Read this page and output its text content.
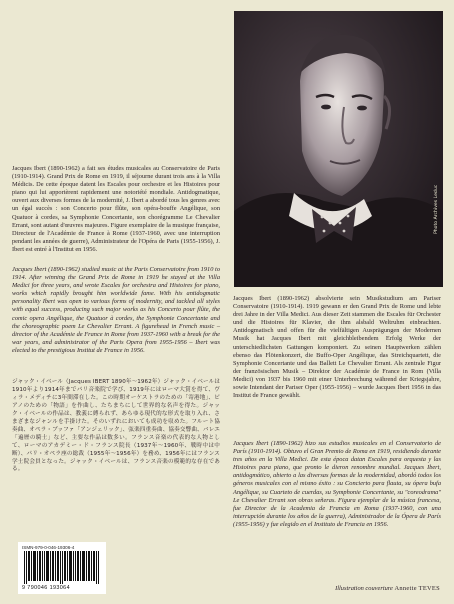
Jacques Ibert (1890-1962) a fait ses études musicales au Conservatoire de Paris (1910-1914). Grand Prix de Rome en 1919, il séjourne durant trois ans à la Villa Médicis. De cette époque datent les Escales pour orchestre et les Histoires pour piano qui lui apportèrent rapidement une notoriété mondiale. Antidogmatique, ouvert aux diverses formes de la modernité, J. Ibert a abordé tous les genres avec un égal succès : son Concerto pour flûte, son opéra-bouffe Angélique, son Quatuor à cordes, sa Symphonie Concertante, son chorégramme Le Chevalier Errant, sont autant d'œuvres majeures. Figure exemplaire de la musique française, Directeur de l'Académie de France à Rome (1937-1960, avec une interruption pendant les années de guerre), Administrateur de l'Opéra de Paris (1955-1956), J. Ibert est entré à l'Institut en 1956.

Jacques Ibert (1890-1962) studied music at the Paris Conservatoire from 1910 to 1914. After winning the Grand Prix de Rome in 1919 he stayed at the Villa Medici for three years, and wrote Escales for orchestra and Histoires for piano, works which rapidly brought him worldwide fame. With his antidogmatic personality Ibert was open to various forms of modernity, and tackled all styles with equal success, producing such major works as his Concerto pour flûte, the comic opera Angélique, the Quatuor à cordes, the Symphonie Concertante and the choreographic poem Le Chevalier Errant. A figurehead in French music – director of the Académie de France in Rome from 1937-1960 with a break for the war years, and administrator of the Paris Opera from 1955-1956 – Ibert was elected to the prestigious Institut de France in 1956.

ジャック・イベール（Jacques IBERT 1890年～1962年）ジャック・イベールは1910年より1914年までパリ音楽院で学び、1919年にはローマ大賞を得て、ヴィラ・メディチに3年間滞在した。この時期オーケストラのための「寄港地」、ピアノのための「物語」を作曲し、たちまちにして世界的な名声を得た。ジャック・イベールの作品は、教義に縛られず、あらゆる現代的な形式を取り入れ、さまざまなジャンルを手掛けた。そのいずれにおいても成功を収めた。フルート協奏曲、オペラ・ブッファ「アンジェリック」、弦楽四重奏曲、協奏交響曲、バレエ「遍歴の騎士」など、主要な作品は数多い。フランス音楽の代表的な人物として、ローマのアカデミー・ド・フランス院長（1937年～1960年、戦時中は中断）、パリ・オペラ座の総裁（1955年～1956年）を務め、1956年にはフランス学士院会員となった。ジャック・イベールは、フランス音楽の模範的な存在である。

Photo Archives Leduc

Jacques Ibert (1890-1962) absolvierte sein Musikstudium am Pariser Conservatoire (1910-1914). 1919 gewann er den Grand Prix de Rome und lebte drei Jahre in der Villa Medici. Aus dieser Zeit stammen die Escales für Orchester und die Histoires für Klavier, die ihm alsbald Weltruhm einbrachten. Antidogmatisch und offen für die vielfältigen Ausprägungen der Modernen Musik hat Jacques Ibert mit gleichbleibendem Erfolg Werke der unterschiedlichsten Gattungen komponiert. Zu seinen Hauptwerken zählen ebenso das Flötenkonzert, die Buffo-Oper Angélique, das Streichquartett, die Symphonie Concertante und das Ballett Le Chevalier Errant. Als zentrale Figur der französischen Musik – Direktor der Académie de France in Rom (Villa Medici) von 1937 bis 1960 mit einer Unterbrechung während der Kriegsjahre, sowie Intendant der Pariser Oper (1955-1956) – wurde Jacques Ibert 1956 in das Institut de France gewählt.

Jacques Ibert (1890-1962) hizo sus estudios musicales en el Conservatorio de París (1910-1914). Obtuvo el Gran Premio de Roma en 1919, residiendo durante tres años en la Villa Medici. De esta época datan Escales para orquesta y las Histoires para piano, que pronto le dieron renombre mundial. Jacques Ibert, antidogmático, abierto a las diversas formas de la modernidad, abordó todos los géneros musicales con el mismo éxito : su Concierto para flauta, su ópera bufa Angélique, su Cuarteto de cuerdas, su Symphonie Concertante, su "coreodrama" Le Chevalier Errant son obras señeras. Figura ejemplar de la música francesa, fue Director de la Academia de Francia en Roma (1937-1960, con una interrupción durante los años de la guerra), Administrador de la Ópera de París (1955-1956) y fue elegido en el Instituto de Francia en 1956.

Illustration couverture Annette TEVES
ISMN-979-0-046-19306-4
9 790046 193064
